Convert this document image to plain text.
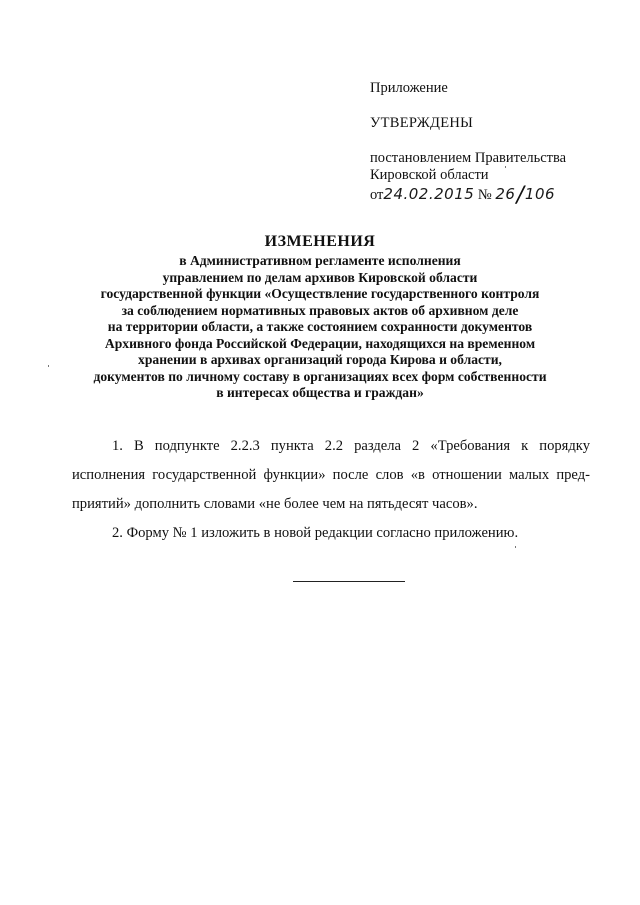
Приложение

УТВЕРЖДЕНЫ

постановлением Правительства

Кировской области

от24.02.2015 № 26/106

ИЗМЕНЕНИЯ

в Административном регламенте исполнения

управлением по делам архивов Кировской области

государственной функции «Осуществление государственного контроля

за соблюдением нормативных правовых актов об архивном деле

на территории области, а также состоянием сохранности документов

Архивного фонда Российской Федерации, находящихся на временном

хранении в архивах организаций города Кирова и области,

документов по личному составу в организациях всех форм собственности

в интересах общества и граждан»

1. В подпункте 2.2.3 пункта 2.2 раздела 2 «Требования к порядку

исполнения государственной функции» после слов «в отношении малых пред-

приятий» дополнить словами «не более чем на пятьдесят часов».

2. Форму № 1 изложить в новой редакции согласно приложению.
